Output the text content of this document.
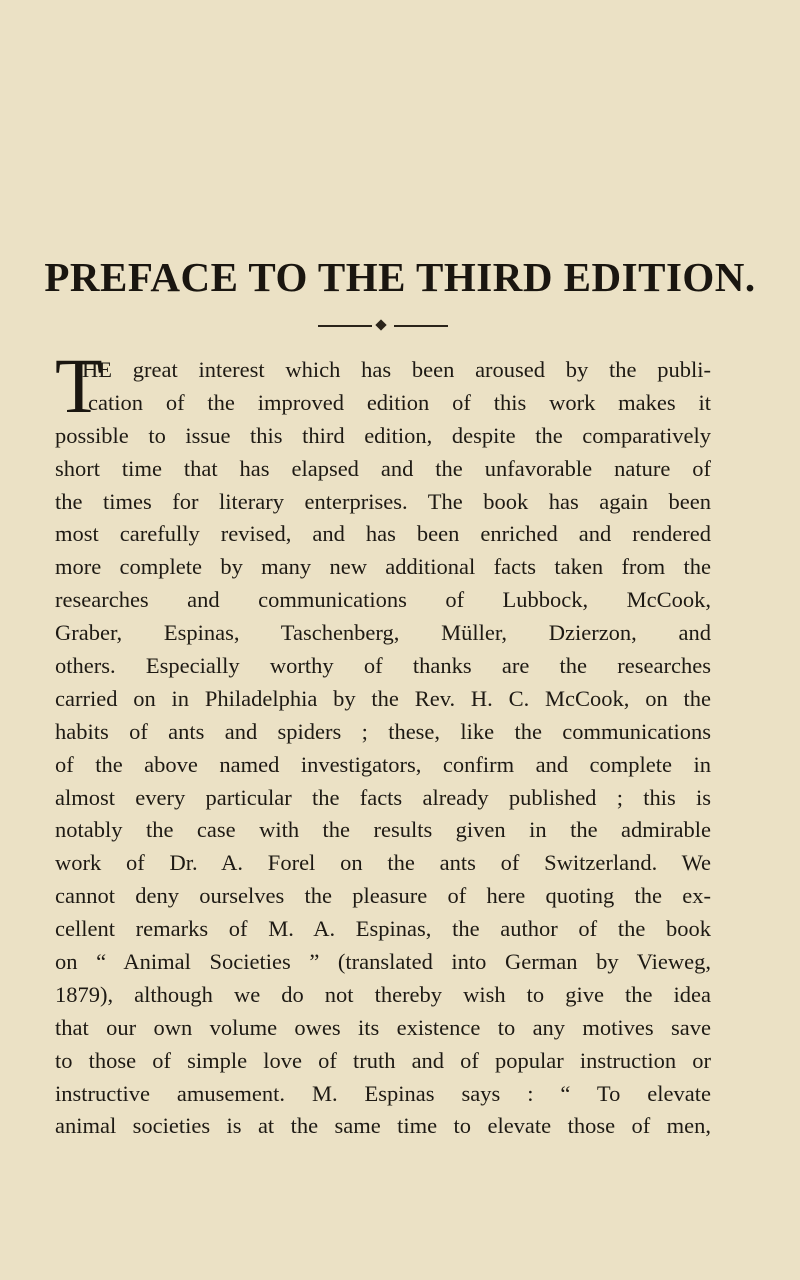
PREFACE TO THE THIRD EDITION.
T
HE great interest which has been aroused by the publi-
cation of the improved edition of this work makes it
possible to issue this third edition, despite the comparatively
short time that has elapsed and the unfavorable nature of
the times for literary enterprises. The book has again been
most carefully revised, and has been enriched and rendered
more complete by many new additional facts taken from the
researches and communications of Lubbock, McCook,
Graber, Espinas, Taschenberg, Müller, Dzierzon, and
others. Especially worthy of thanks are the researches
carried on in Philadelphia by the Rev. H. C. McCook, on the
habits of ants and spiders ; these, like the communications
of the above named investigators, confirm and complete in
almost every particular the facts already published ; this is
notably the case with the results given in the admirable
work of Dr. A. Forel on the ants of Switzerland. We
cannot deny ourselves the pleasure of here quoting the ex-
cellent remarks of M. A. Espinas, the author of the book
on “ Animal Societies ” (translated into German by Vieweg,
1879), although we do not thereby wish to give the idea
that our own volume owes its existence to any motives save
to those of simple love of truth and of popular instruction or
instructive amusement. M. Espinas says : “ To elevate
animal societies is at the same time to elevate those of men,
